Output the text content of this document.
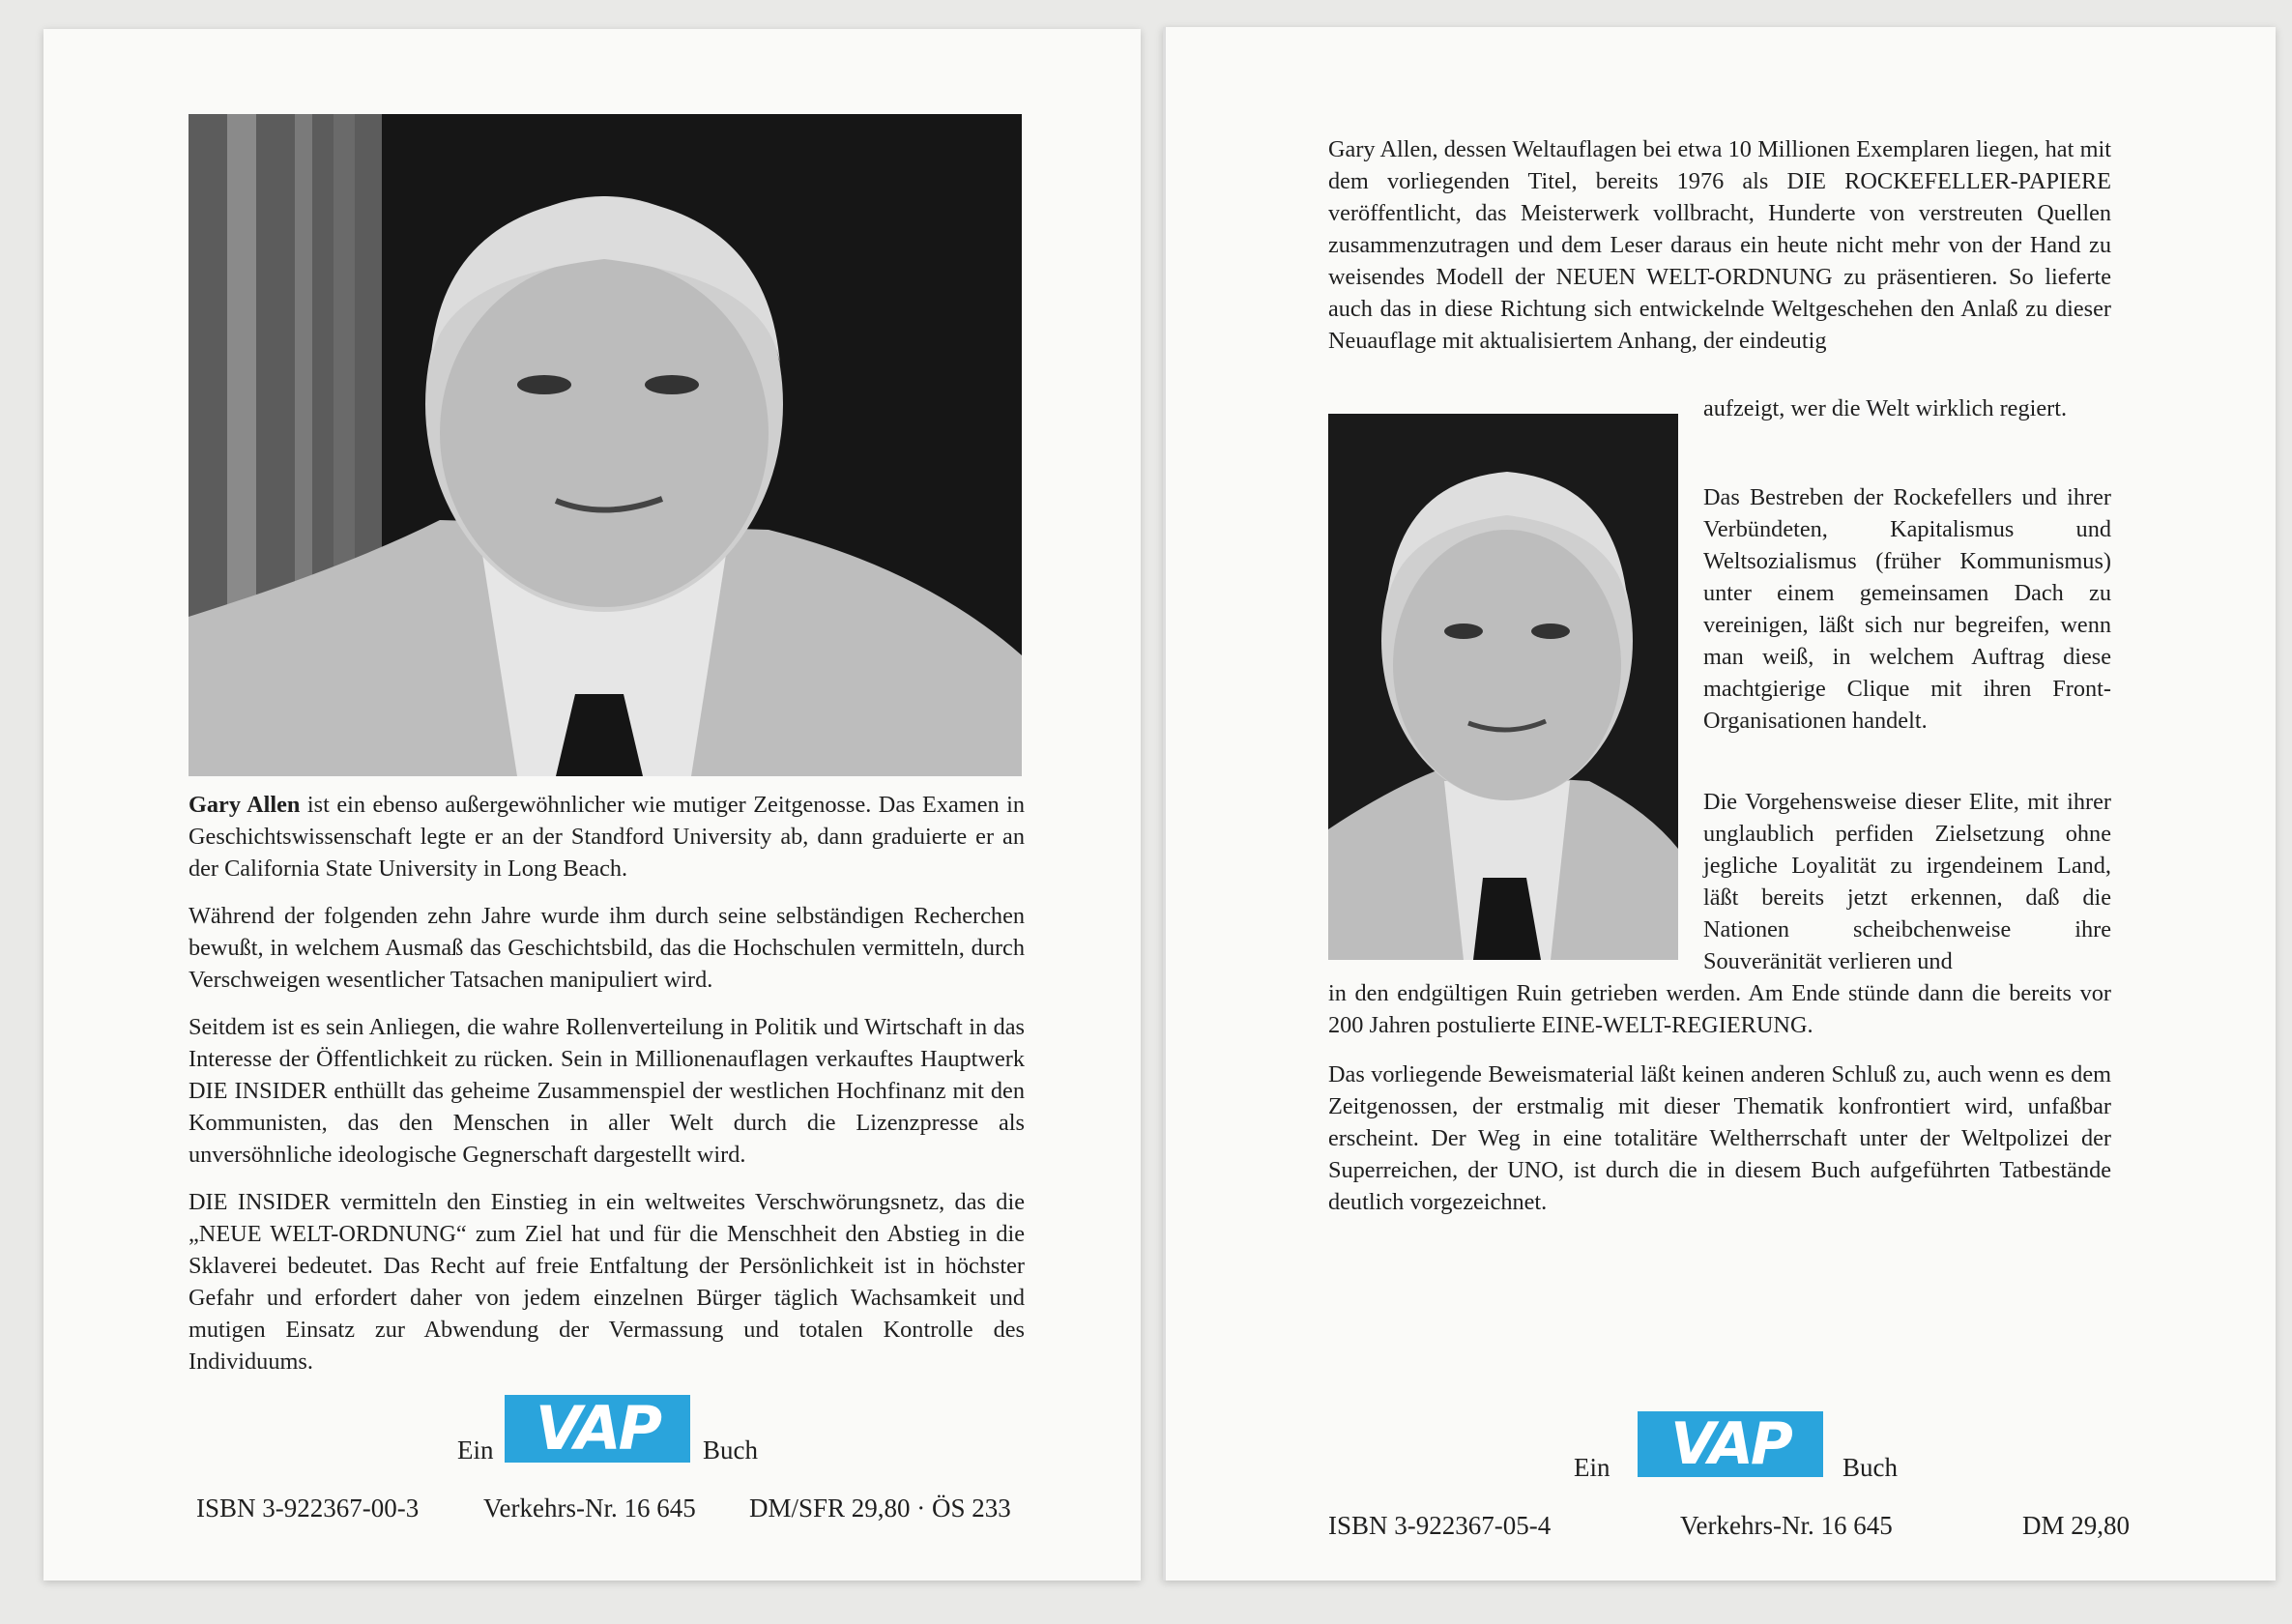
Gary Allen ist ein ebenso außergewöhnlicher wie mutiger Zeitgenosse. Das Examen in Geschichtswissenschaft legte er an der Standford University ab, dann graduierte er an der California State University in Long Beach.

Während der folgenden zehn Jahre wurde ihm durch seine selbständigen Recherchen bewußt, in welchem Ausmaß das Geschichtsbild, das die Hochschulen vermitteln, durch Verschweigen wesentlicher Tatsachen manipuliert wird.

Seitdem ist es sein Anliegen, die wahre Rollenverteilung in Politik und Wirtschaft in das Interesse der Öffentlichkeit zu rücken. Sein in Millionenauflagen verkauftes Hauptwerk DIE INSIDER enthüllt das geheime Zusammenspiel der westlichen Hochfinanz mit den Kommunisten, das den Menschen in aller Welt durch die Lizenzpresse als unversöhnliche ideologische Gegnerschaft dargestellt wird.

DIE INSIDER vermitteln den Einstieg in ein weltweites Verschwörungsnetz, das die „NEUE WELT-ORDNUNG“ zum Ziel hat und für die Menschheit den Abstieg in die Sklaverei bedeutet. Das Recht auf freie Entfaltung der Persönlichkeit ist in höchster Gefahr und erfordert daher von jedem einzelnen Bürger täglich Wachsamkeit und mutigen Einsatz zur Abwendung der Vermassung und totalen Kontrolle des Individuums.

Ein VAP	Buch
ISBN 3-922367-00-3 Verkehrs-Nr. 16 645 DM/SFR 29,80 · ÖS 233
Gary Allen, dessen Weltauflagen bei etwa 10 Millionen Exemplaren liegen, hat mit dem vorliegenden Titel, bereits 1976 als DIE ROCKEFELLER-PAPIERE veröffentlicht, das Meisterwerk vollbracht, Hunderte von verstreuten Quellen zusammenzutragen und dem Leser daraus ein heute nicht mehr von der Hand zu weisendes Modell der NEUEN WELT-ORDNUNG zu präsentieren. So lieferte auch das in diese Richtung sich entwickelnde Weltgeschehen den Anlaß zu dieser Neuauflage mit aktualisiertem Anhang, der eindeutig
aufzeigt, wer die Welt wirklich regiert.
Das Bestreben der Rockefellers und ihrer Verbündeten, Kapitalismus und Weltsozialismus (früher Kommunismus) unter einem gemeinsamen Dach zu vereinigen, läßt sich nur begreifen, wenn man weiß, in welchem Auftrag diese machtgierige Clique mit ihren Front-Organisationen handelt.
Die Vorgehensweise dieser Elite, mit ihrer unglaublich perfiden Zielsetzung ohne jegliche Loyalität zu irgendeinem Land, läßt bereits jetzt erkennen, daß die Nationen scheibchenweise ihre Souveränität verlieren und
in den endgültigen Ruin getrieben werden. Am Ende stünde dann die bereits vor 200 Jahren postulierte EINE-WELT-REGIERUNG.
Das vorliegende Beweismaterial läßt keinen anderen Schluß zu, auch wenn es dem Zeitgenossen, der erstmalig mit dieser Thematik konfrontiert wird, unfaßbar erscheint. Der Weg in eine totalitäre Weltherrschaft unter der Weltpolizei der Superreichen, der UNO, ist durch die in diesem Buch aufgeführten Tatbestände deutlich vorgezeichnet.
Ein	VAP	Buch
ISBN 3-922367-05-4	Verkehrs-Nr. 16 645	DM 29,80
